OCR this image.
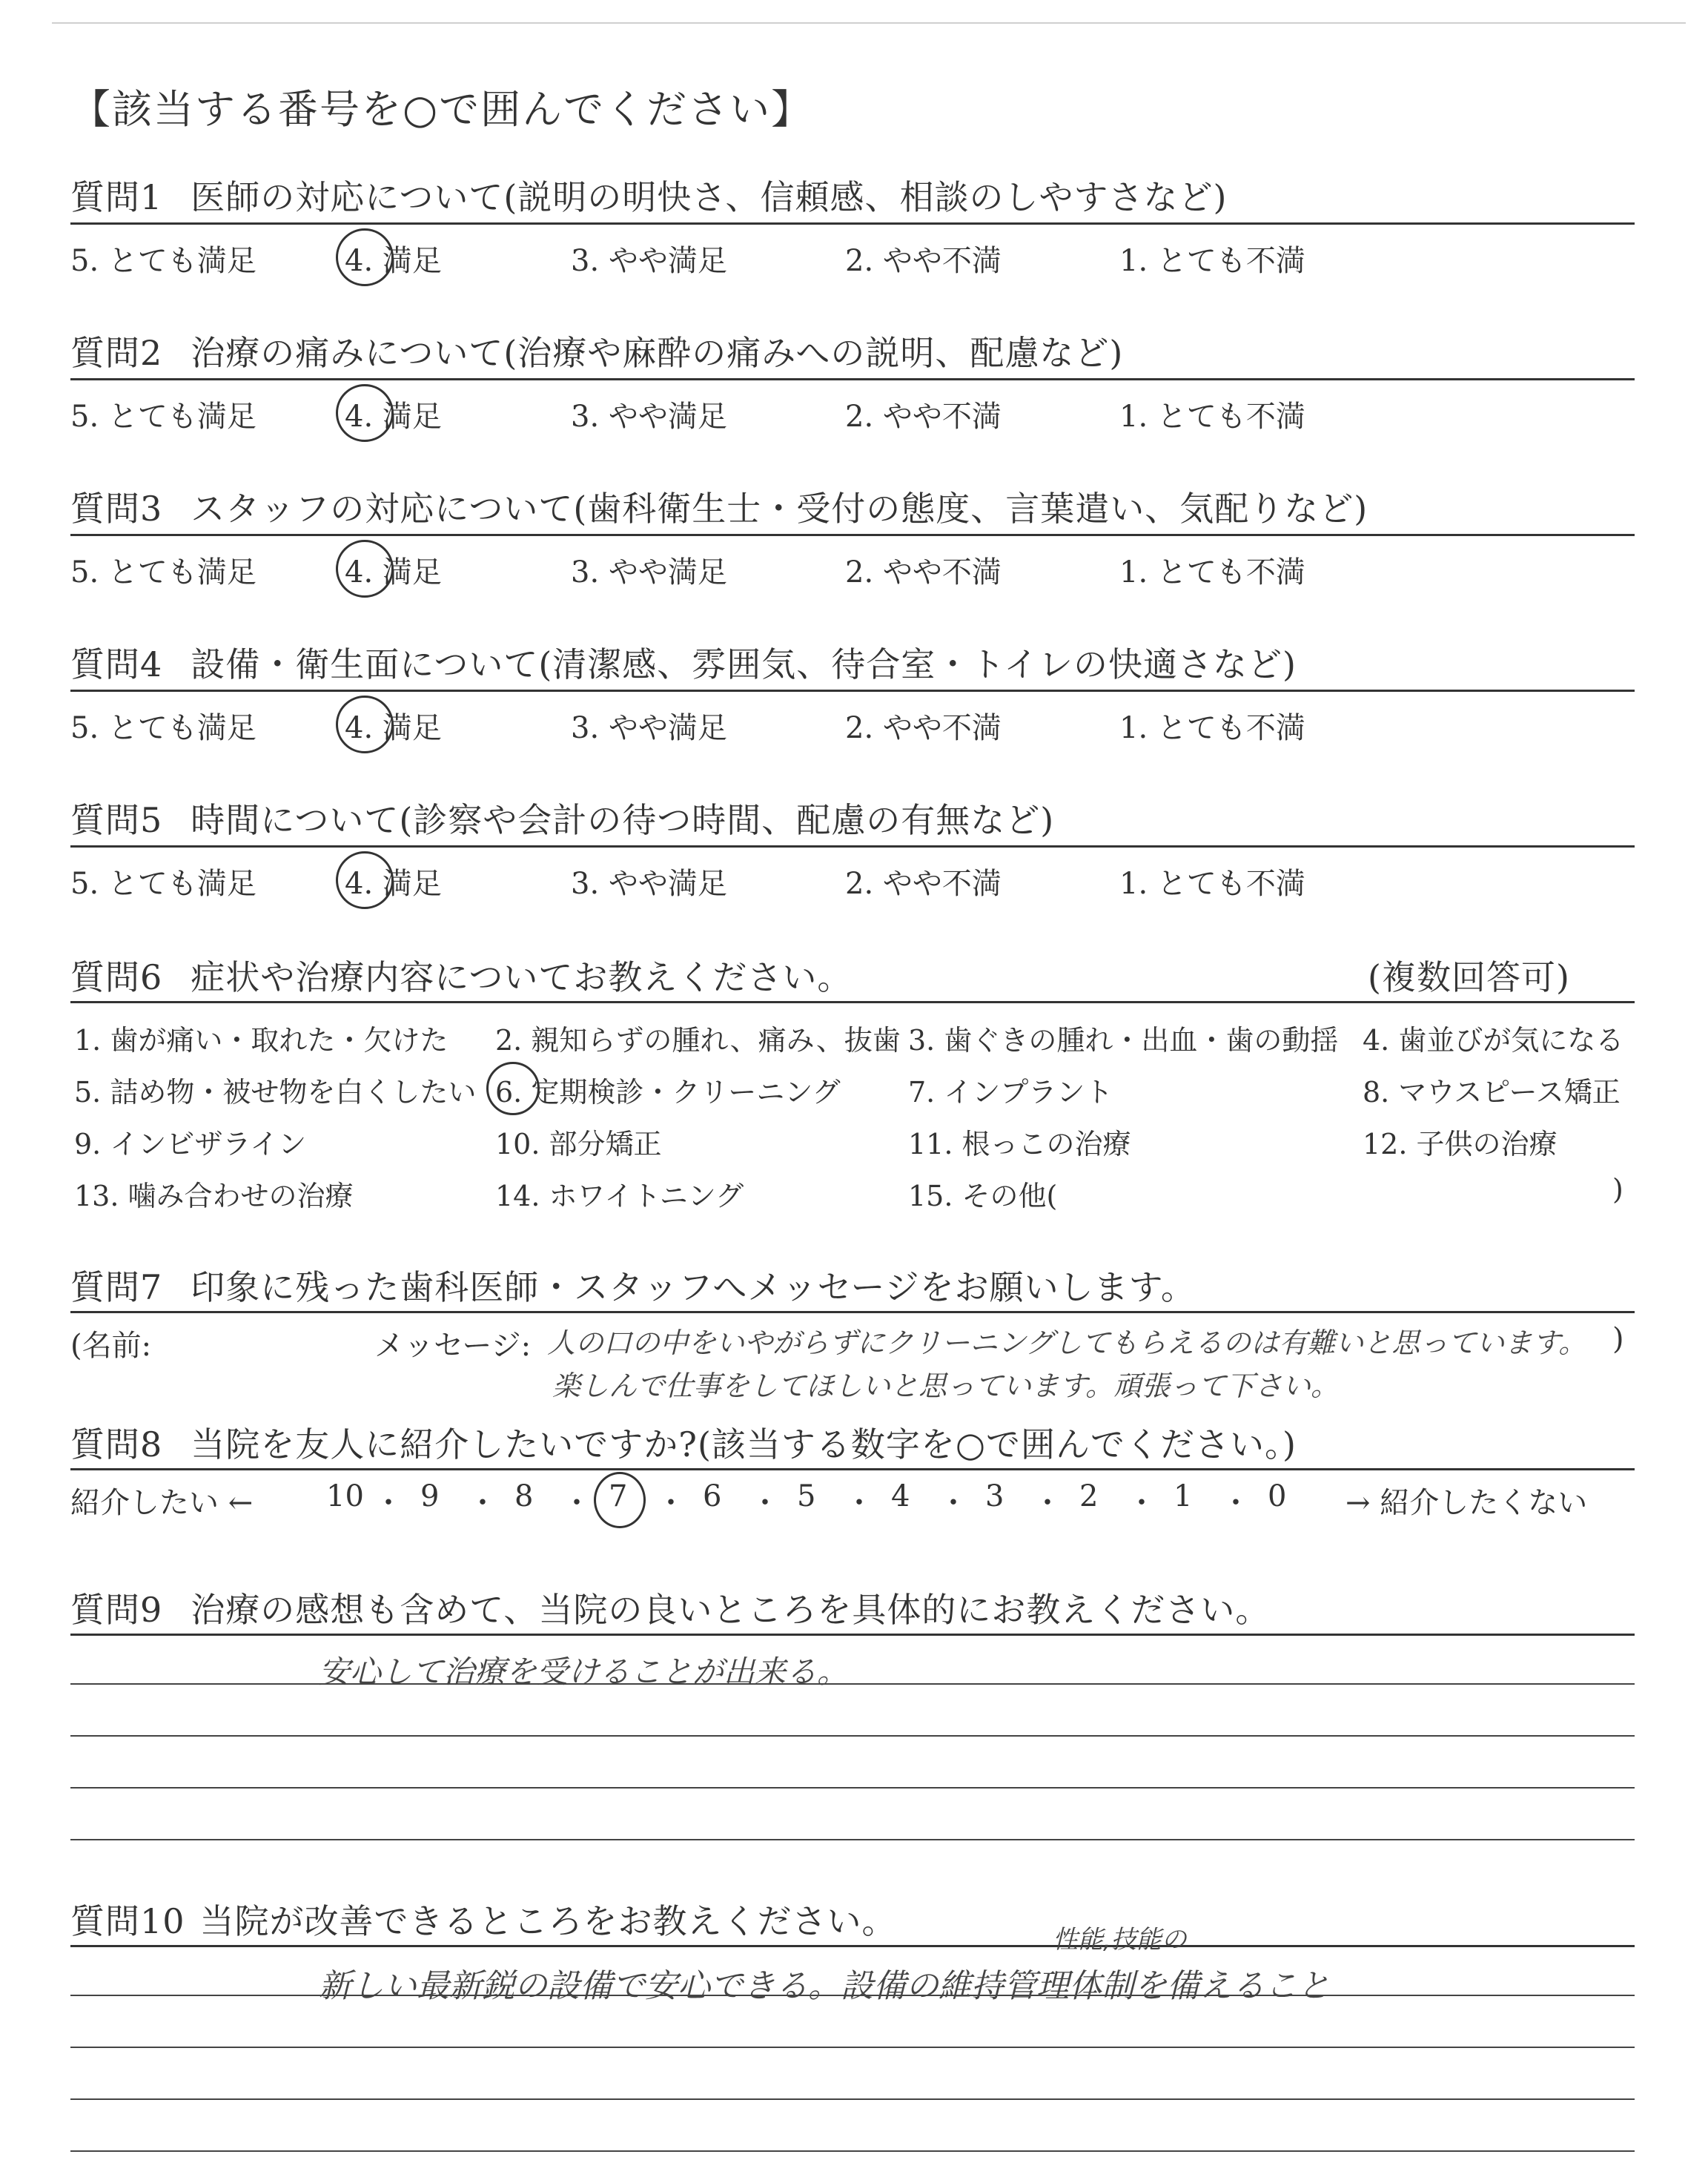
【該当する番号を○で囲んでください】
質問1 医師の対応について(説明の明快さ、信頼感、相談のしやすさなど)
5. とても満足	4. 満足	3. やや満足	2. やや不満	1. とても不満
質問2 治療の痛みについて(治療や麻酔の痛みへの説明、配慮など)
5. とても満足	4. 満足	3. やや満足	2. やや不満	1. とても不満
質問3 スタッフの対応について(歯科衛生士・受付の態度、言葉遣い、気配りなど)
5. とても満足	4. 満足	3. やや満足	2. やや不満	1. とても不満
質問4 設備・衛生面について(清潔感、雰囲気、待合室・トイレの快適さなど)
5. とても満足	4. 満足	3. やや満足	2. やや不満	1. とても不満
質問5 時間について(診察や会計の待つ時間、配慮の有無など)
5. とても満足	4. 満足	3. やや満足	2. やや不満	1. とても不満
質問6 症状や治療内容についてお教えください。	(複数回答可)
1. 歯が痛い・取れた・欠けた 2. 親知らずの腫れ、痛み、抜歯 3. 歯ぐきの腫れ・出血・歯の動揺 4. 歯並びが気になる
5. 詰め物・被せ物を白くしたい 6. 定期検診・クリーニング 7. インプラント	8. マウスピース矯正
9. インビザライン	10. 部分矯正	11. 根っこの治療	12. 子供の治療
13. 噛み合わせの治療	14. ホワイトニング	15. その他(	)
質問7 印象に残った歯科医師・スタッフへメッセージをお願いします。
(名前:	メッセージ:	)
人の口の中をいやがらずにクリーニングしてもらえるのは有難いと思っています。
楽しんで仕事をしてほしいと思っています。頑張って下さい。
質問8 当院を友人に紹介したいですか?(該当する数字を○で囲んでください。)
紹介したい ←	→ 紹介したくない
10 ・ 9 ・ 8 ・ 7 ・ 6 ・ 5 ・ 4 ・ 3 ・ 2 ・ 1 ・ 0
質問9 治療の感想も含めて、当院の良いところを具体的にお教えください。
安心して治療を受けることが出来る。
質問10 当院が改善できるところをお教えください。	性能,技能の
新しい最新鋭の設備で安心できる。設備の維持管理体制を備えること
